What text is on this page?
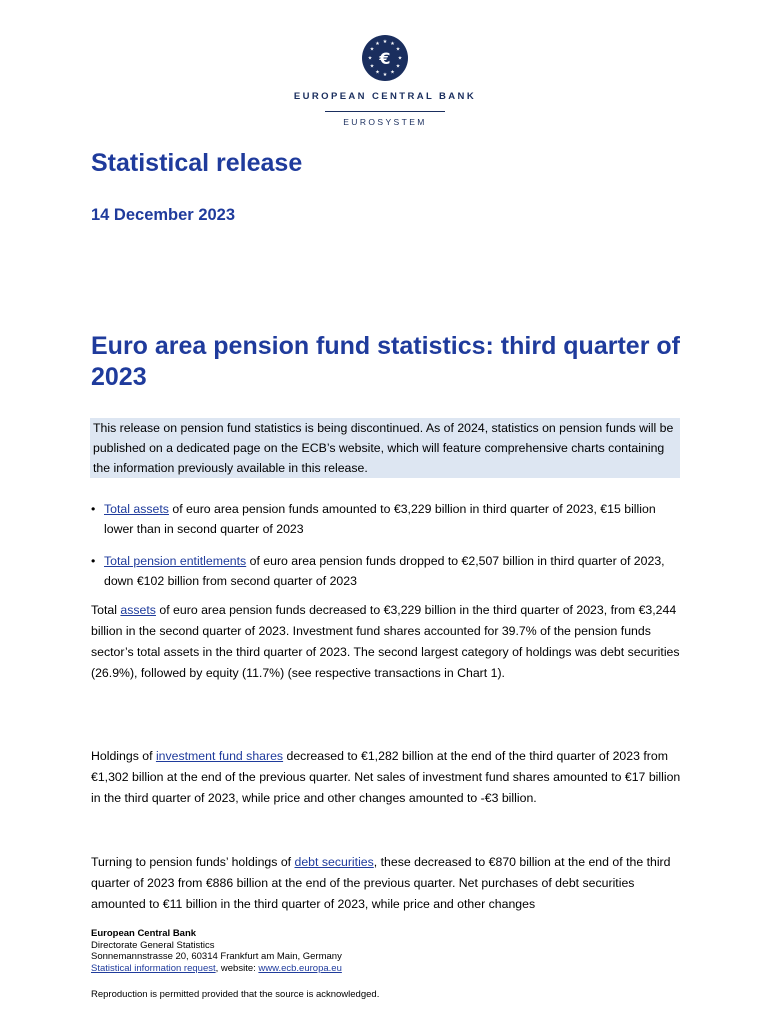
★ ★
★
★
★
★
★
★
★
★
★
★
€
EUROPEAN CENTRAL BANK
EUROSYSTEM
Statistical release
14 December 2023
Euro area pension fund statistics: third quarter of 2023

This release on pension fund statistics is being discontinued. As of 2024, statistics on pension funds will be published on a dedicated page on the ECB’s website, which will feature comprehensive charts containing the information previously available in this release.

• Total assets of euro area pension funds amounted to €3,229 billion in third quarter of 2023, €15 billion lower than in second quarter of 2023
• Total pension entitlements of euro area pension funds dropped to €2,507 billion in third quarter of 2023, down €102 billion from second quarter of 2023

Total assets of euro area pension funds decreased to €3,229 billion in the third quarter of 2023, from €3,244 billion in the second quarter of 2023. Investment fund shares accounted for 39.7% of the pension funds sector’s total assets in the third quarter of 2023. The second largest category of holdings was debt securities (26.9%), followed by equity (11.7%) (see respective transactions in Chart 1).

Holdings of investment fund shares decreased to €1,282 billion at the end of the third quarter of 2023 from €1,302 billion at the end of the previous quarter. Net sales of investment fund shares amounted to €17 billion in the third quarter of 2023, while price and other changes amounted to -€3 billion.

Turning to pension funds’ holdings of debt securities, these decreased to €870 billion at the end of the third quarter of 2023 from €886 billion at the end of the previous quarter. Net purchases of debt securities amounted to €11 billion in the third quarter of 2023, while price and other changes

European Central Bank
Directorate General Statistics
Sonnemannstrasse 20, 60314 Frankfurt am Main, Germany
Statistical information request, website: www.ecb.europa.eu
Reproduction is permitted provided that the source is acknowledged.
